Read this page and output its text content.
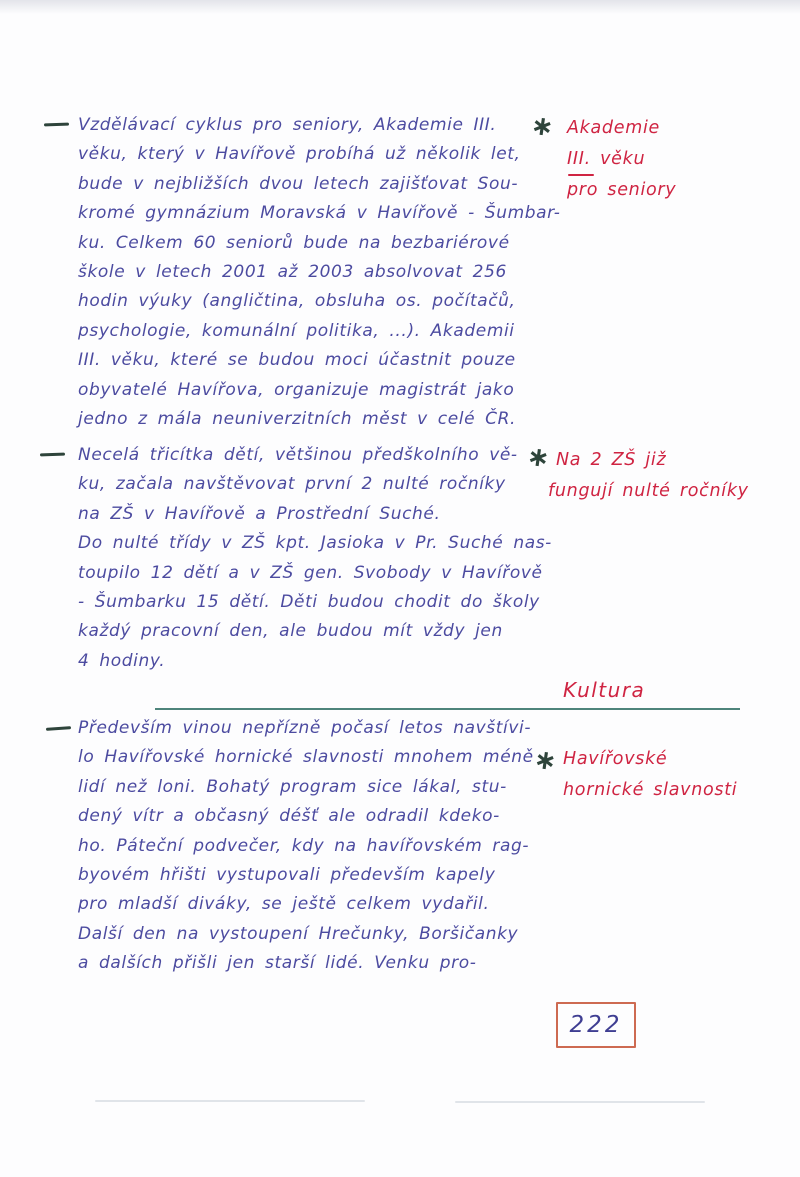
Vzdělávací cyklus pro seniory, Akademie III.
věku, který v Havířově probíhá už několik let,
bude v nejbližších dvou letech zajišťovat Sou-
kromé gymnázium Moravská v Havířově - Šumbar-
ku. Celkem 60 seniorů bude na bezbariérové
škole v letech 2001 až 2003 absolvovat 256
hodin výuky (angličtina, obsluha os. počítačů,
psychologie, komunální politika, ...). Akademii
III. věku, které se budou moci účastnit pouze
obyvatelé Havířova, organizuje magistrát jako
jedno z mála neuniverzitních měst v celé ČR.
∗ Akademie
III. věku
pro seniory
Necelá třicítka dětí, většinou předškolního vě-
ku, začala navštěvovat první 2 nulté ročníky
na ZŠ v Havířově a Prostřední Suché.
Do nulté třídy v ZŠ kpt. Jasioka v Pr. Suché nas-
toupilo 12 dětí a v ZŠ gen. Svobody v Havířově
- Šumbarku 15 dětí. Děti budou chodit do školy
každý pracovní den, ale budou mít vždy jen
4 hodiny.
∗ Na 2 ZŠ již
fungují nulté ročníky
Kultura
Především vinou nepřízně počasí letos navštívi-
lo Havířovské hornické slavnosti mnohem méně
lidí než loni. Bohatý program sice lákal, stu-
dený vítr a občasný déšť ale odradil kdeko-
ho. Páteční podvečer, kdy na havířovském rag-
byovém hřišti vystupovali především kapely
pro mladší diváky, se ještě celkem vydařil.
Další den na vystoupení Hrečunky, Boršičanky
a dalších přišli jen starší lidé. Venku pro-
∗ Havířovské
hornické slavnosti
222
